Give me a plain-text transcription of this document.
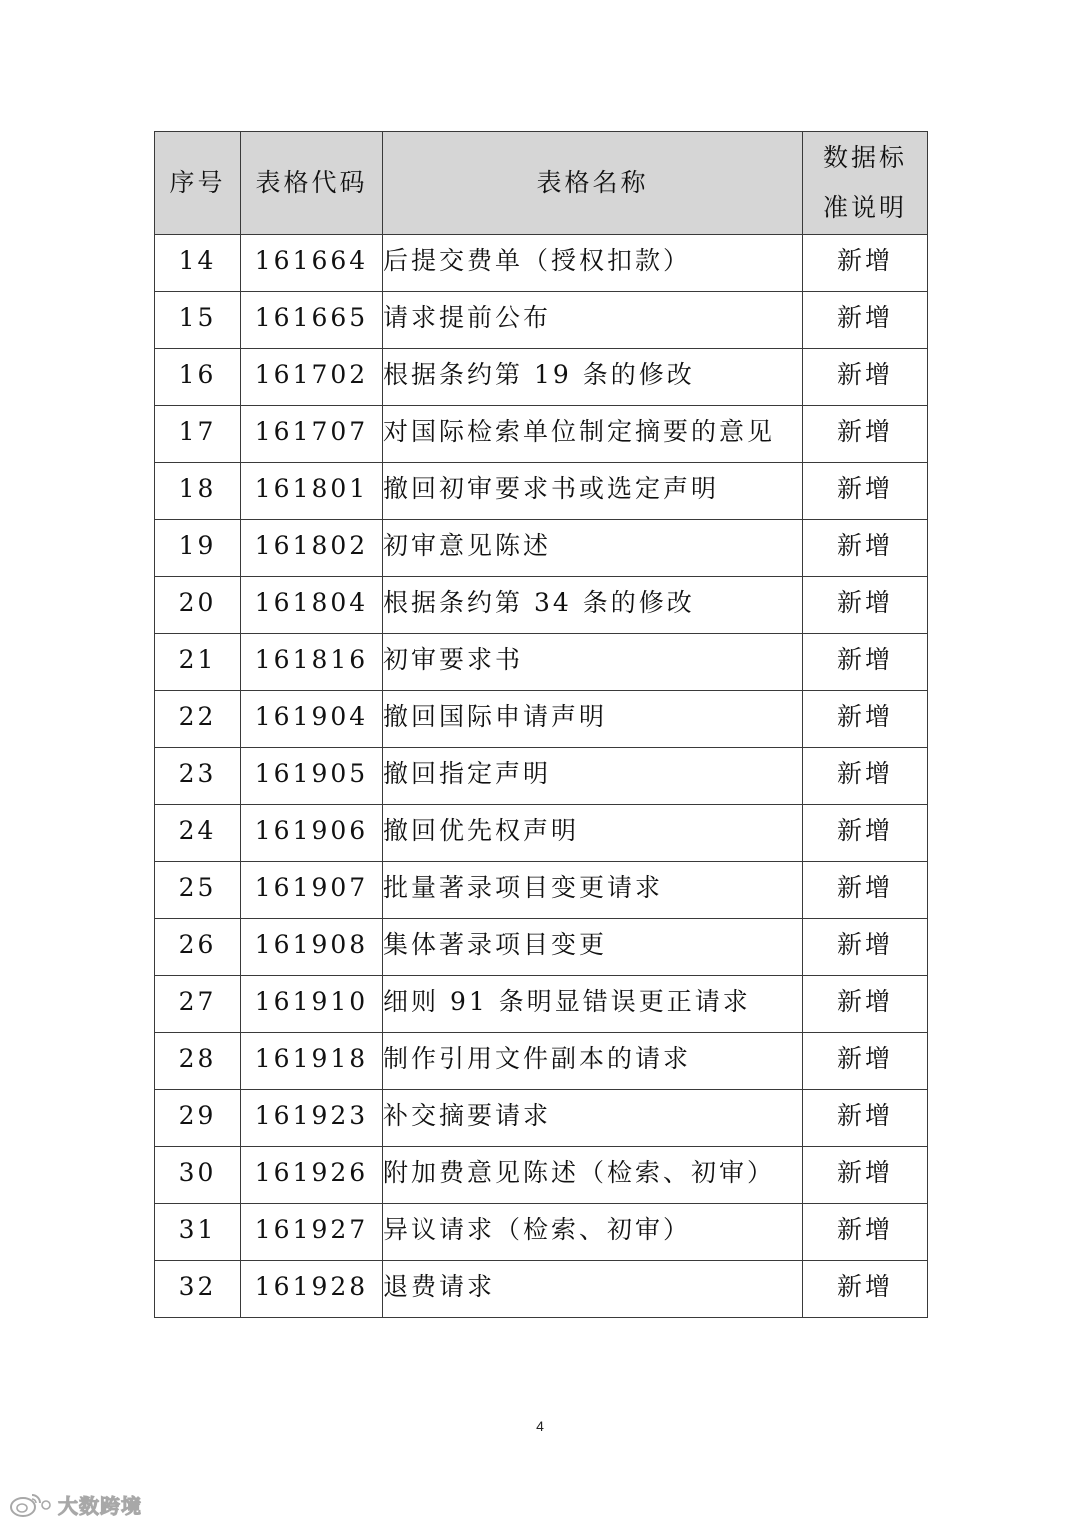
序号	表格代码	表格名称	数据标
准说明
14	161664	后提交费单（授权扣款）	新增
15	161665	请求提前公布	新增
16	161702	根据条约第 19 条的修改	新增
17	161707	对国际检索单位制定摘要的意见	新增
18	161801	撤回初审要求书或选定声明	新增
19	161802	初审意见陈述	新增
20	161804	根据条约第 34 条的修改	新增
21	161816	初审要求书	新增
22	161904	撤回国际申请声明	新增
23	161905	撤回指定声明	新增
24	161906	撤回优先权声明	新增
25	161907	批量著录项目变更请求	新增
26	161908	集体著录项目变更	新增
27	161910	细则 91 条明显错误更正请求	新增
28	161918	制作引用文件副本的请求	新增
29	161923	补交摘要请求	新增
30	161926	附加费意见陈述（检索、初审）	新增
31	161927	异议请求（检索、初审）	新增
32	161928	退费请求	新增
4
大数跨境
